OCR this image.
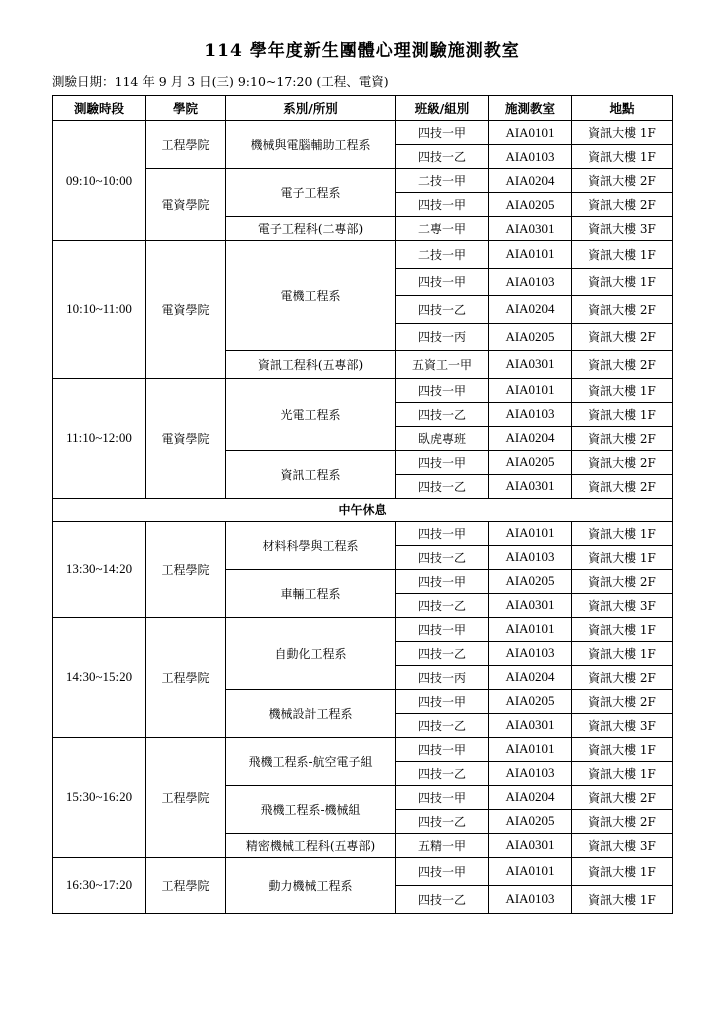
114 學年度新生團體心理測驗施測教室
測驗日期：114 年 9 月 3 日(三) 9:10~17:20 (工程、電資)
測驗時段	學院	系別/所別	班級/組別	施測教室	地點
09:10~10:00	工程學院	機械與電腦輔助工程系	四技一甲	AIA0101	資訊大樓 1F
			四技一乙	AIA0103	資訊大樓 1F
	電資學院	電子工程系	二技一甲	AIA0204	資訊大樓 2F
			四技一甲	AIA0205	資訊大樓 2F
		電子工程科(二專部)	二專一甲	AIA0301	資訊大樓 3F
10:10~11:00	電資學院	電機工程系	二技一甲	AIA0101	資訊大樓 1F
			四技一甲	AIA0103	資訊大樓 1F
			四技一乙	AIA0204	資訊大樓 2F
			四技一丙	AIA0205	資訊大樓 2F
		資訊工程科(五專部)	五資工一甲	AIA0301	資訊大樓 2F
11:10~12:00	電資學院	光電工程系	四技一甲	AIA0101	資訊大樓 1F
			四技一乙	AIA0103	資訊大樓 1F
			臥虎專班	AIA0204	資訊大樓 2F
		資訊工程系	四技一甲	AIA0205	資訊大樓 2F
			四技一乙	AIA0301	資訊大樓 2F
中午休息					
13:30~14:20	工程學院	材料科學與工程系	四技一甲	AIA0101	資訊大樓 1F
			四技一乙	AIA0103	資訊大樓 1F
		車輛工程系	四技一甲	AIA0205	資訊大樓 2F
			四技一乙	AIA0301	資訊大樓 3F
14:30~15:20	工程學院	自動化工程系	四技一甲	AIA0101	資訊大樓 1F
			四技一乙	AIA0103	資訊大樓 1F
			四技一丙	AIA0204	資訊大樓 2F
		機械設計工程系	四技一甲	AIA0205	資訊大樓 2F
			四技一乙	AIA0301	資訊大樓 3F
15:30~16:20	工程學院	飛機工程系-航空電子組	四技一甲	AIA0101	資訊大樓 1F
			四技一乙	AIA0103	資訊大樓 1F
		飛機工程系-機械組	四技一甲	AIA0204	資訊大樓 2F
			四技一乙	AIA0205	資訊大樓 2F
		精密機械工程科(五專部)	五精一甲	AIA0301	資訊大樓 3F
16:30~17:20	工程學院	動力機械工程系	四技一甲	AIA0101	資訊大樓 1F
			四技一乙	AIA0103	資訊大樓 1F
